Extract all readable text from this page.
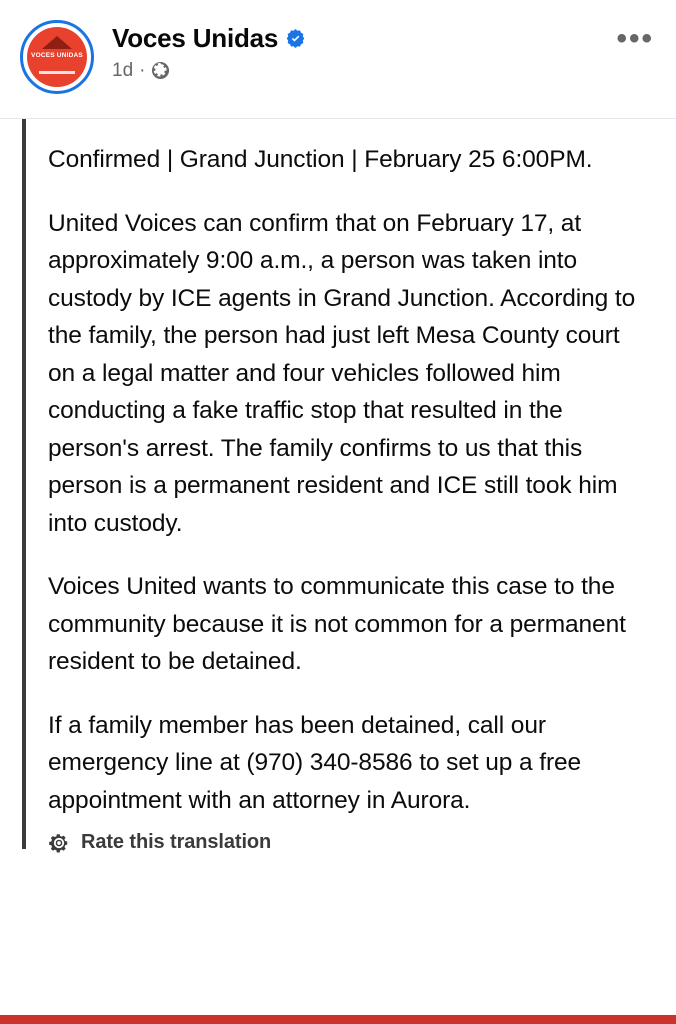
VOCES UNIDAS
Voces Unidas
1d ·
•••

Confirmed | Grand Junction | February 25 6:00PM.

United Voices can confirm that on February 17, at approximately 9:00 a.m., a person was taken into custody by ICE agents in Grand Junction. According to the family, the person had just left Mesa County court on a legal matter and four vehicles followed him conducting a fake traffic stop that resulted in the person's arrest. The family confirms to us that this person is a permanent resident and ICE still took him into custody.

Voices United wants to communicate this case to the community because it is not common for a permanent resident to be detained.

If a family member has been detained, call our emergency line at (970) 340-8586 to set up a free appointment with an attorney in Aurora.

Rate this translation
